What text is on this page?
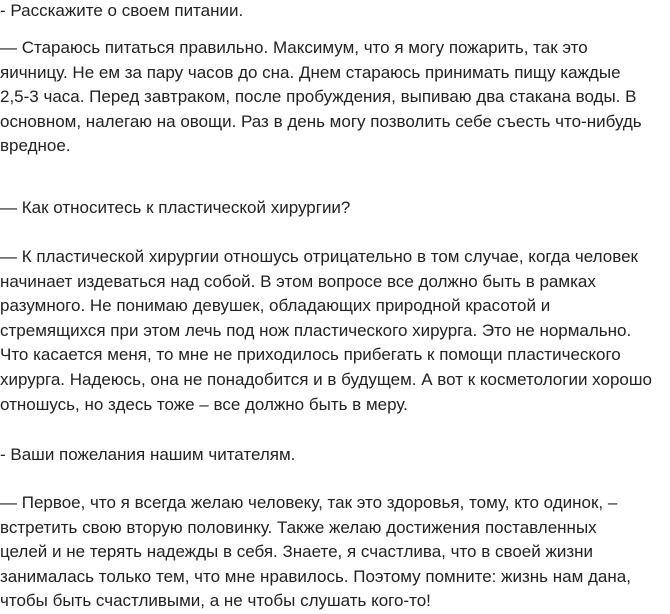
- Расскажите о своем питании.

— Стараюсь питаться правильно. Максимум, что я могу пожарить, так это
яичницу. Не ем за пару часов до сна. Днем стараюсь принимать пищу каждые
2,5-3 часа. Перед завтраком, после пробуждения, выпиваю два стакана воды. В
основном, налегаю на овощи. Раз в день могу позволить себе съесть что-нибудь
вредное.

— Как относитесь к пластической хирургии?

— К пластической хирургии отношусь отрицательно в том случае, когда человек
начинает издеваться над собой. В этом вопросе все должно быть в рамках
разумного. Не понимаю девушек, обладающих природной красотой и
стремящихся при этом лечь под нож пластического хирурга. Это не нормально.
Что касается меня, то мне не приходилось прибегать к помощи пластического
хирурга. Надеюсь, она не понадобится и в будущем. А вот к косметологии хорошо
отношусь, но здесь тоже – все должно быть в меру.

- Ваши пожелания нашим читателям.

— Первое, что я всегда желаю человеку, так это здоровья, тому, кто одинок, –
встретить свою вторую половинку. Также желаю достижения поставленных
целей и не терять надежды в себя. Знаете, я счастлива, что в своей жизни
занималась только тем, что мне нравилось. Поэтому помните: жизнь нам дана,
чтобы быть счастливыми, а не чтобы слушать кого-то!
